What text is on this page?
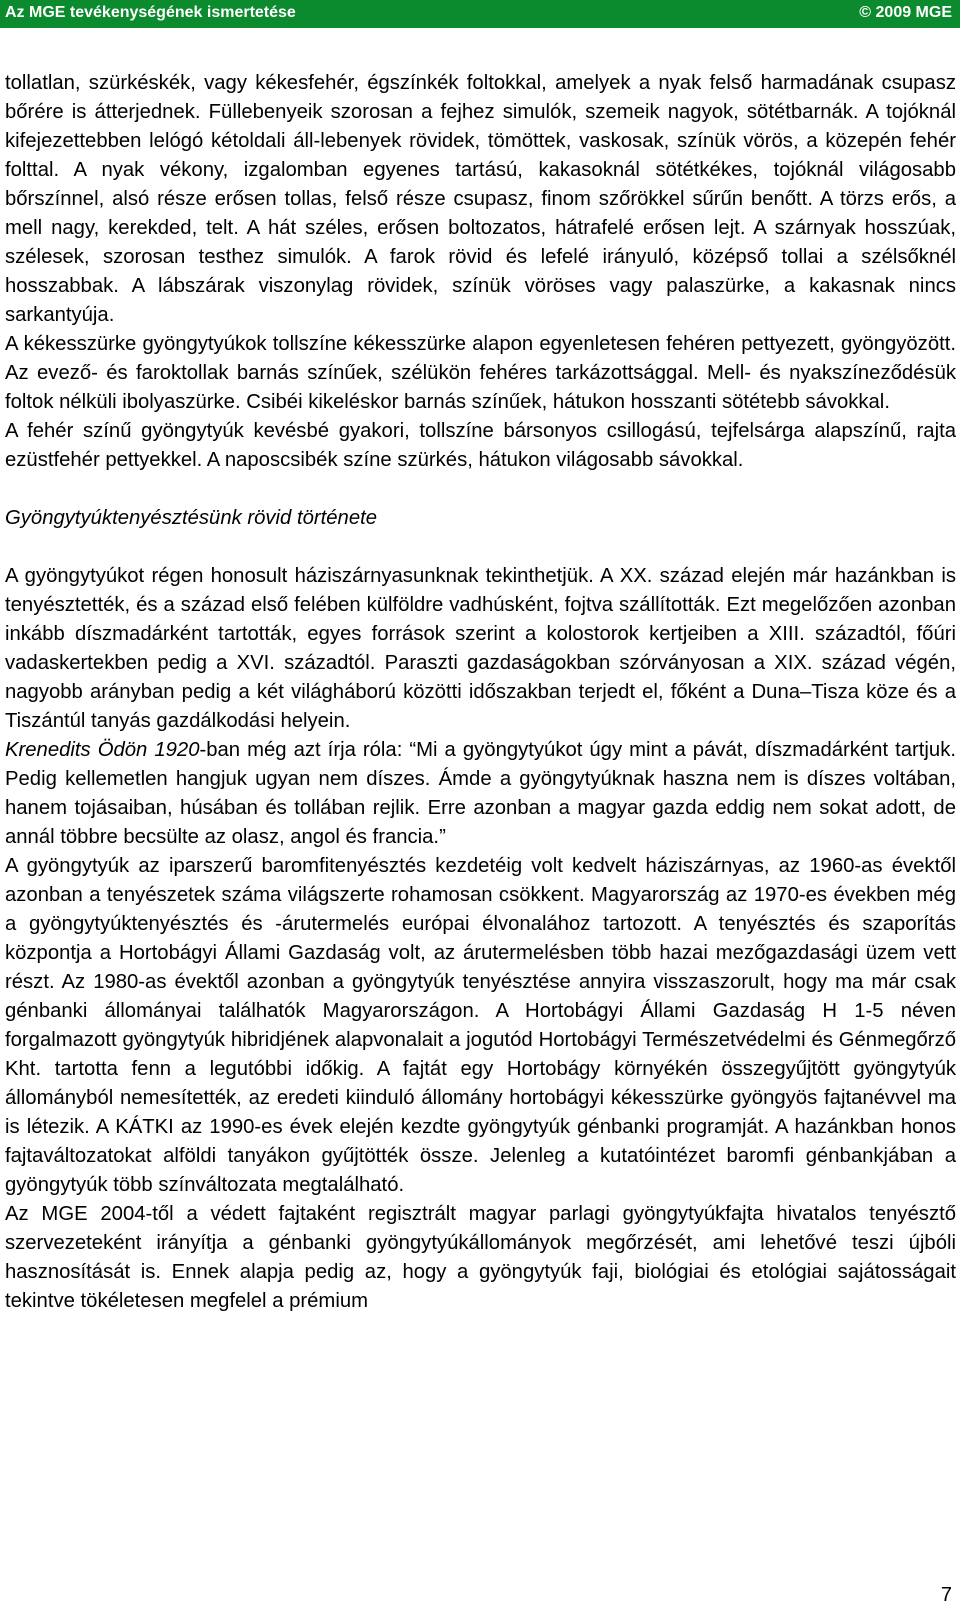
Az MGE tevékenységének ismertetése	© 2009 MGE

tollatlan, szürkéskék, vagy kékesfehér, égszínkék foltokkal, amelyek a nyak felső harmadának csupasz bőrére is átterjednek. Füllebenyeik szorosan a fejhez simulók, szemeik nagyok, sötétbarnák. A tojóknál kifejezettebben lelógó kétoldali áll-lebenyek rövidek, tömöttek, vaskosak, színük vörös, a közepén fehér folttal. A nyak vékony, izgalomban egyenes tartású, kakasoknál sötétkékes, tojóknál világosabb bőrszínnel, alsó része erősen tollas, felső része csupasz, finom szőrökkel sűrűn benőtt. A törzs erős, a mell nagy, kerekded, telt. A hát széles, erősen boltozatos, hátrafelé erősen lejt. A szárnyak hosszúak, szélesek, szorosan testhez simulók. A farok rövid és lefelé irányuló, középső tollai a szélsőknél hosszabbak. A lábszárak viszonylag rövidek, színük vöröses vagy palaszürke, a kakasnak nincs sarkantyúja.

A kékesszürke gyöngytyúkok tollszíne kékesszürke alapon egyenletesen fehéren pettyezett, gyöngyözött. Az evező- és faroktollak barnás színűek, szélükön fehéres tarkázottsággal. Mell- és nyakszíneződésük foltok nélküli ibolyaszürke. Csibéi kikeléskor barnás színűek, hátukon hosszanti sötétebb sávokkal.

A fehér színű gyöngytyúk kevésbé gyakori, tollszíne bársonyos csillogású, tejfelsárga alapszínű, rajta ezüstfehér pettyekkel. A naposcsibék színe szürkés, hátukon világosabb sávokkal.

Gyöngytyúktenyésztésünk rövid története

A gyöngytyúkot régen honosult háziszárnyasunknak tekinthetjük. A XX. század elején már hazánkban is tenyésztették, és a század első felében külföldre vadhúsként, fojtva szállították. Ezt megelőzően azonban inkább díszmadárként tartották, egyes források szerint a kolostorok kertjeiben a XIII. századtól, főúri vadaskertekben pedig a XVI. századtól. Paraszti gazdaságokban szórványosan a XIX. század végén, nagyobb arányban pedig a két világháború közötti időszakban terjedt el, főként a Duna–Tisza köze és a Tiszántúl tanyás gazdálkodási helyein.

Krenedits Ödön 1920-ban még azt írja róla: “Mi a gyöngytyúkot úgy mint a pávát, díszmadárként tartjuk. Pedig kellemetlen hangjuk ugyan nem díszes. Ámde a gyöngytyúknak haszna nem is díszes voltában, hanem tojásaiban, húsában és tollában rejlik. Erre azonban a magyar gazda eddig nem sokat adott, de annál többre becsülte az olasz, angol és francia.”

A gyöngytyúk az iparszerű baromfitenyésztés kezdetéig volt kedvelt háziszárnyas, az 1960-as évektől azonban a tenyészetek száma világszerte rohamosan csökkent. Magyarország az 1970-es években még a gyöngytyúktenyésztés és -árutermelés európai élvonalához tartozott. A tenyésztés és szaporítás központja a Hortobágyi Állami Gazdaság volt, az árutermelésben több hazai mezőgazdasági üzem vett részt. Az 1980-as évektől azonban a gyöngytyúk tenyésztése annyira visszaszorult, hogy ma már csak génbanki állományai találhatók Magyarországon. A Hortobágyi Állami Gazdaság H 1-5 néven forgalmazott gyöngytyúk hibridjének alapvonalait a jogutód Hortobágyi Természetvédelmi és Génmegőrző Kht. tartotta fenn a legutóbbi időkig. A fajtát egy Hortobágy környékén összegyűjtött gyöngytyúk állományból nemesítették, az eredeti kiinduló állomány hortobágyi kékesszürke gyöngyös fajtanévvel ma is létezik. A KÁTKI az 1990-es évek elején kezdte gyöngytyúk génbanki programját. A hazánkban honos fajtaváltozatokat alföldi tanyákon gyűjtötték össze. Jelenleg a kutatóintézet baromfi génbankjában a gyöngytyúk több színváltozata megtalálható.

Az MGE 2004-től a védett fajtaként regisztrált magyar parlagi gyöngytyúkfajta hivatalos tenyésztő szervezeteként irányítja a génbanki gyöngytyúkállományok megőrzését, ami lehetővé teszi újbóli hasznosítását is. Ennek alapja pedig az, hogy a gyöngytyúk faji, biológiai és etológiai sajátosságait tekintve tökéletesen megfelel a prémium

7
